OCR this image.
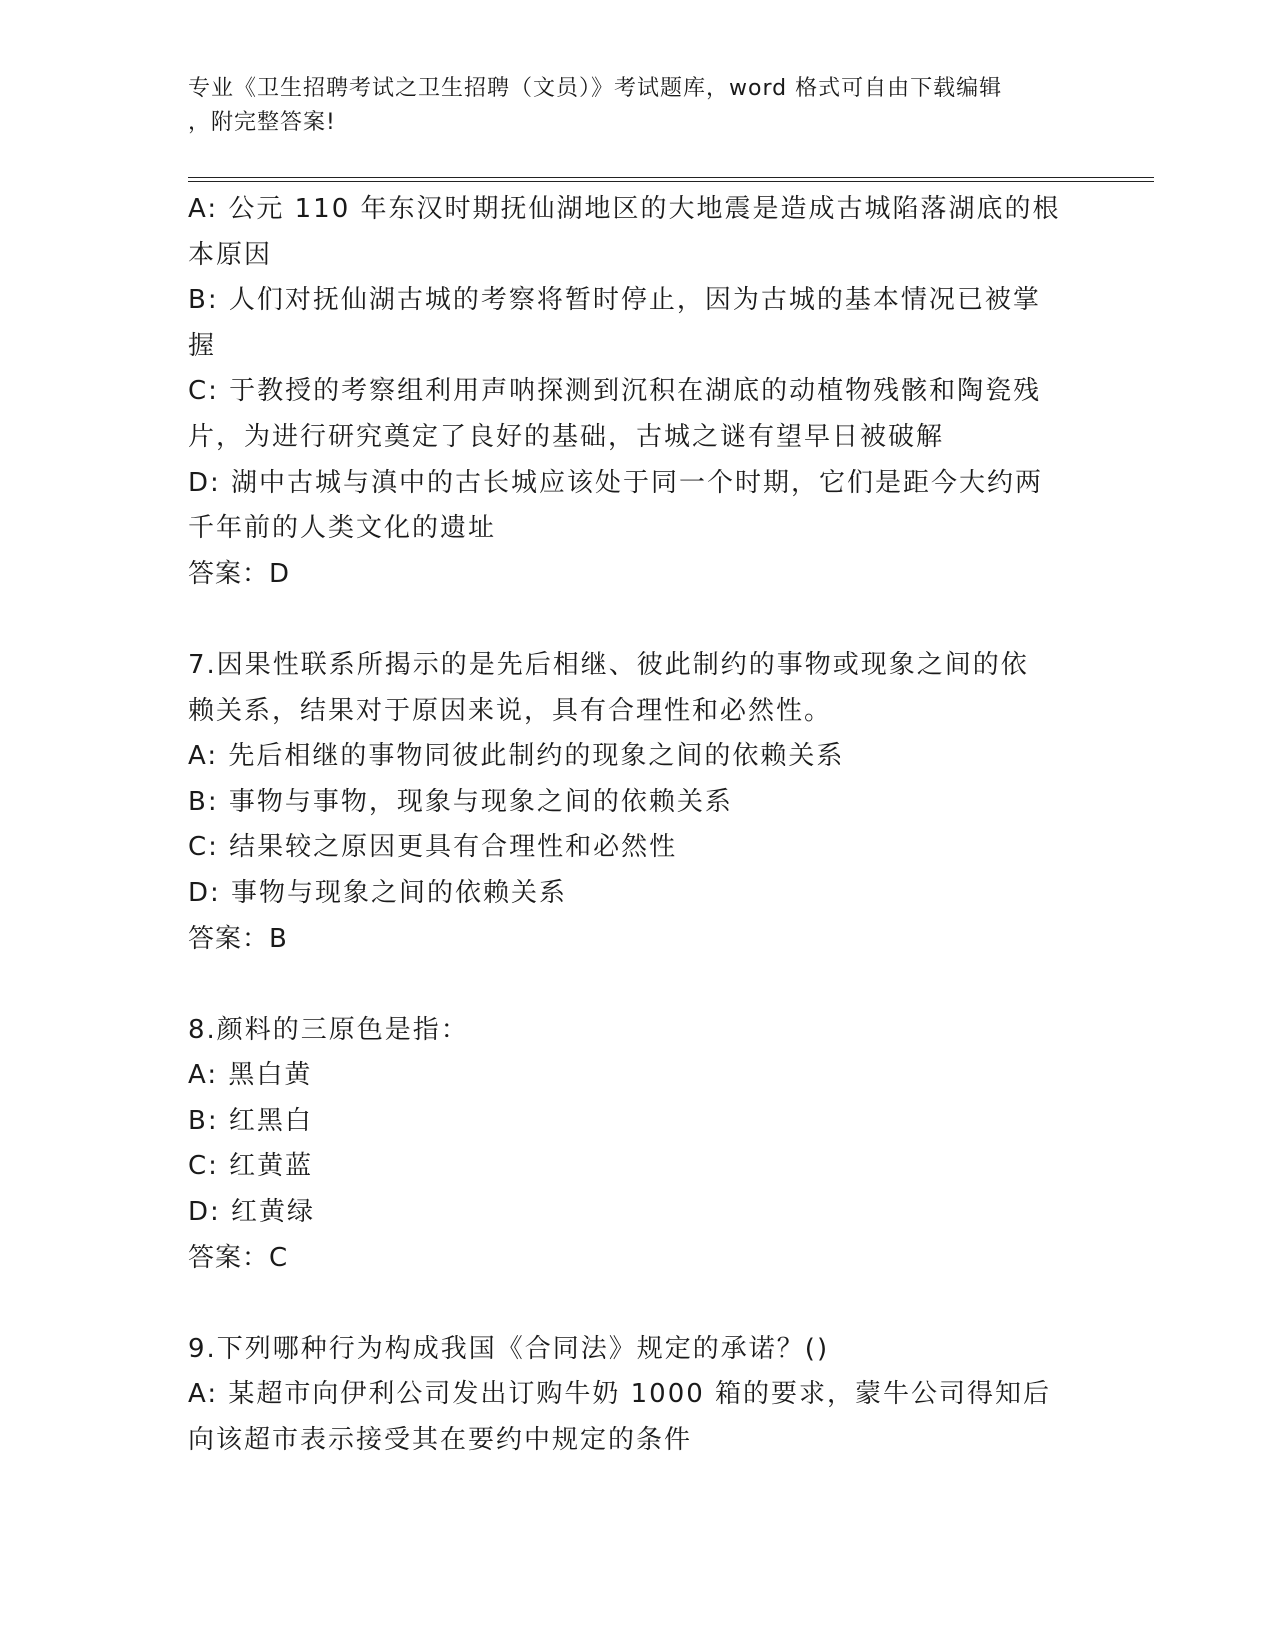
专业《卫生招聘考试之卫生招聘（文员）》考试题库，word 格式可自由下载编辑
，附完整答案!
A: 公元 110 年东汉时期抚仙湖地区的大地震是造成古城陷落湖底的根
本原因
B: 人们对抚仙湖古城的考察将暂时停止，因为古城的基本情况已被掌
握
C: 于教授的考察组利用声呐探测到沉积在湖底的动植物残骸和陶瓷残
片，为进行研究奠定了良好的基础，古城之谜有望早日被破解
D: 湖中古城与滇中的古长城应该处于同一个时期，它们是距今大约两
千年前的人类文化的遗址
答案：D
7.因果性联系所揭示的是先后相继、彼此制约的事物或现象之间的依
赖关系，结果对于原因来说，具有合理性和必然性。
A: 先后相继的事物同彼此制约的现象之间的依赖关系
B: 事物与事物，现象与现象之间的依赖关系
C: 结果较之原因更具有合理性和必然性
D: 事物与现象之间的依赖关系
答案：B
8.颜料的三原色是指：
A: 黑白黄
B: 红黑白
C: 红黄蓝
D: 红黄绿
答案：C
9.下列哪种行为构成我国《合同法》规定的承诺？()
A: 某超市向伊利公司发出订购牛奶 1000 箱的要求，蒙牛公司得知后
向该超市表示接受其在要约中规定的条件
